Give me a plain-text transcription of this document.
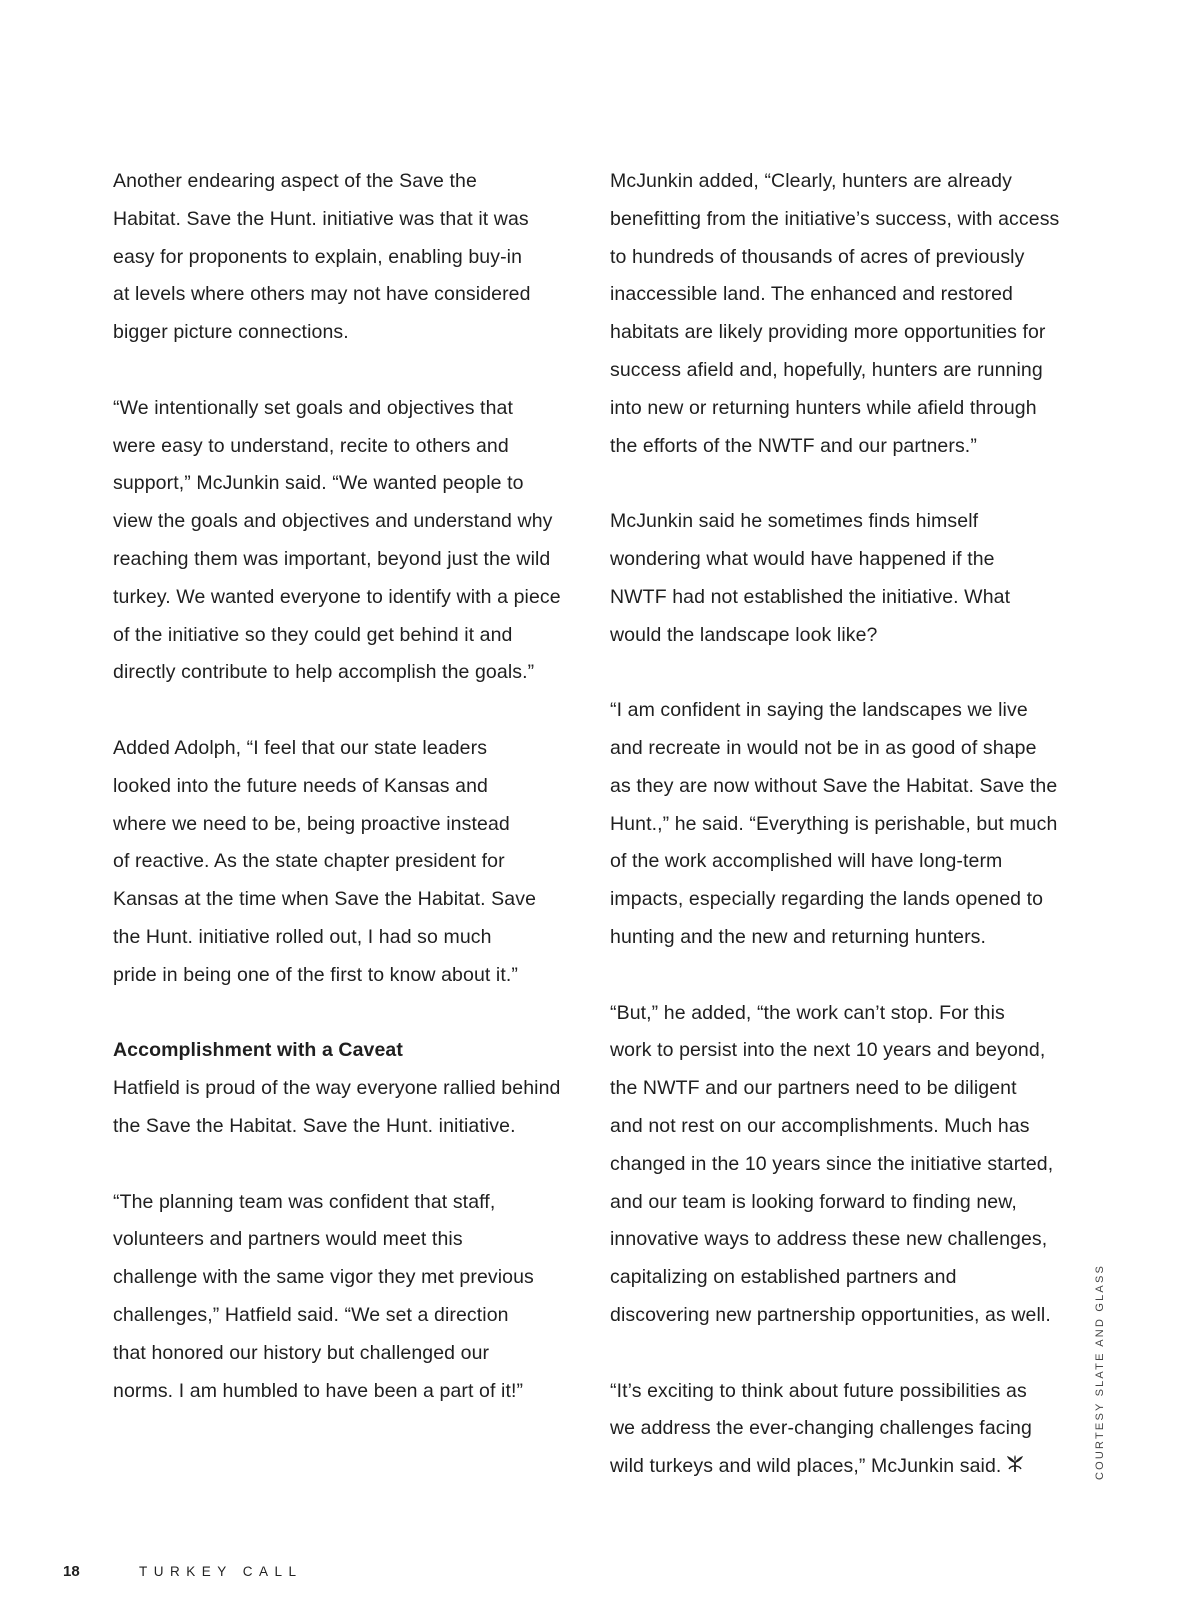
Another endearing aspect of the Save the
Habitat. Save the Hunt. initiative was that it was
easy for proponents to explain, enabling buy-in
at levels where others may not have considered
bigger picture connections.
“We intentionally set goals and objectives that
were easy to understand, recite to others and
support,” McJunkin said. “We wanted people to
view the goals and objectives and understand why
reaching them was important, beyond just the wild
turkey. We wanted everyone to identify with a piece
of the initiative so they could get behind it and
directly contribute to help accomplish the goals.”
Added Adolph, “I feel that our state leaders
looked into the future needs of Kansas and
where we need to be, being proactive instead
of reactive. As the state chapter president for
Kansas at the time when Save the Habitat. Save
the Hunt. initiative rolled out, I had so much
pride in being one of the first to know about it.”
Accomplishment with a Caveat
Hatfield is proud of the way everyone rallied behind
the Save the Habitat. Save the Hunt. initiative.
“The planning team was confident that staff,
volunteers and partners would meet this
challenge with the same vigor they met previous
challenges,” Hatfield said. “We set a direction
that honored our history but challenged our
norms. I am humbled to have been a part of it!”
McJunkin added, “Clearly, hunters are already
benefitting from the initiative’s success, with access
to hundreds of thousands of acres of previously
inaccessible land. The enhanced and restored
habitats are likely providing more opportunities for
success afield and, hopefully, hunters are running
into new or returning hunters while afield through
the efforts of the NWTF and our partners.”
McJunkin said he sometimes finds himself
wondering what would have happened if the
NWTF had not established the initiative. What
would the landscape look like?
“I am confident in saying the landscapes we live
and recreate in would not be in as good of shape
as they are now without Save the Habitat. Save the
Hunt.,” he said. “Everything is perishable, but much
of the work accomplished will have long-term
impacts, especially regarding the lands opened to
hunting and the new and returning hunters.
“But,” he added, “the work can’t stop. For this
work to persist into the next 10 years and beyond,
the NWTF and our partners need to be diligent
and not rest on our accomplishments. Much has
changed in the 10 years since the initiative started,
and our team is looking forward to finding new,
innovative ways to address these new challenges,
capitalizing on established partners and
discovering new partnership opportunities, as well.
“It’s exciting to think about future possibilities as
we address the ever-changing challenges facing
wild turkeys and wild places,” McJunkin said.	COURTESY SLATE AND GLASS
18	TURKEY CALL
